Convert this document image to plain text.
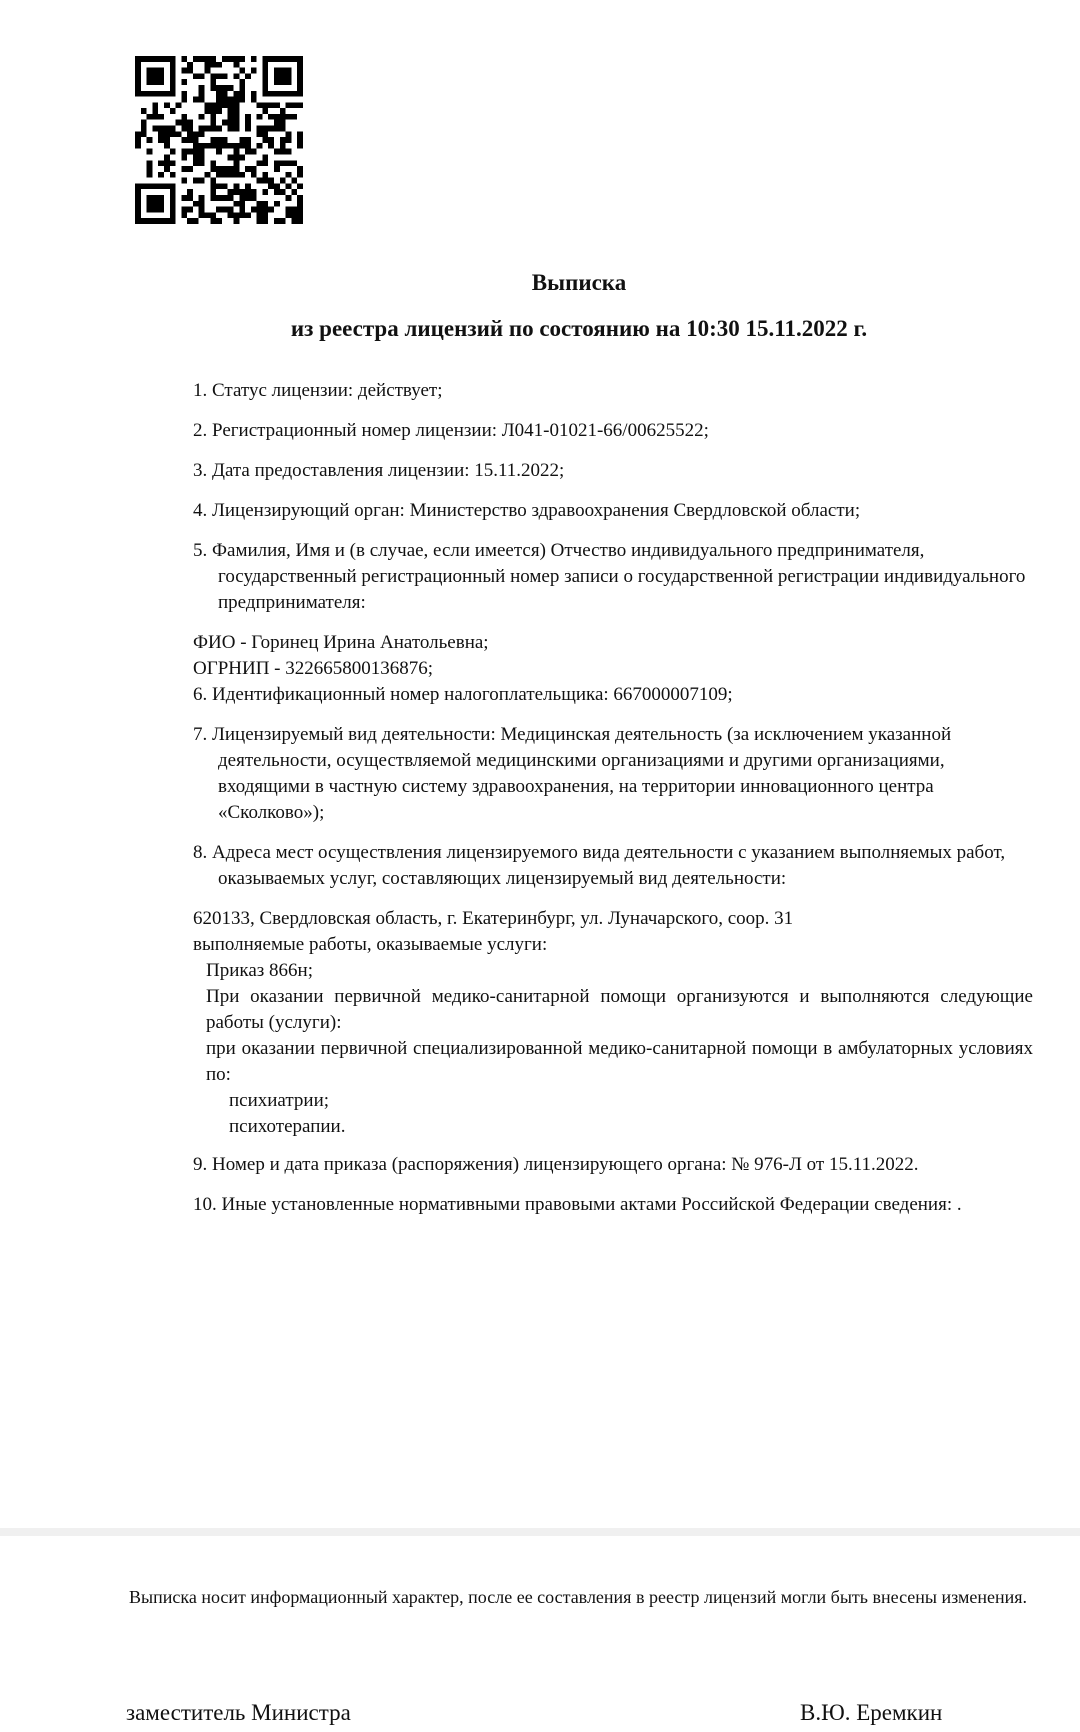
Выписка
из реестра лицензий по состоянию на 10:30 15.11.2022 г.

1. Статус лицензии: действует;

2. Регистрационный номер лицензии: Л041-01021-66/00625522;

3. Дата предоставления лицензии: 15.11.2022;

4. Лицензирующий орган: Министерство здравоохранения Свердловской области;

5. Фамилия, Имя и (в случае, если имеется) Отчество индивидуального предпринимателя, государственный регистрационный номер записи о государственной регистрации индивидуального предпринимателя:

ФИО - Горинец Ирина Анатольевна;

ОГРНИП - 322665800136876;

6. Идентификационный номер налогоплательщика: 667000007109;

7. Лицензируемый вид деятельности: Медицинская деятельность (за исключением указанной деятельности, осуществляемой медицинскими организациями и другими организациями, входящими в частную систему здравоохранения, на территории инновационного центра «Сколково»);

8. Адреса мест осуществления лицензируемого вида деятельности с указанием выполняемых работ, оказываемых услуг, составляющих лицензируемый вид деятельности:

620133, Свердловская область, г. Екатеринбург, ул. Луначарского, соор. 31

выполняемые работы, оказываемые услуги:

Приказ 866н;

При оказании первичной медико-санитарной помощи организуются и выполняются следующие работы (услуги):

при оказании первичной специализированной медико-санитарной помощи в амбулаторных условиях по:

психиатрии;

психотерапии.

9. Номер и дата приказа (распоряжения) лицензирующего органа: № 976-Л от 15.11.2022.

10. Иные установленные нормативными правовыми актами Российской Федерации сведения: .

Выписка носит информационный характер, после ее составления в реестр лицензий могли быть внесены изменения.
заместитель Министра	В.Ю. Еремкин
